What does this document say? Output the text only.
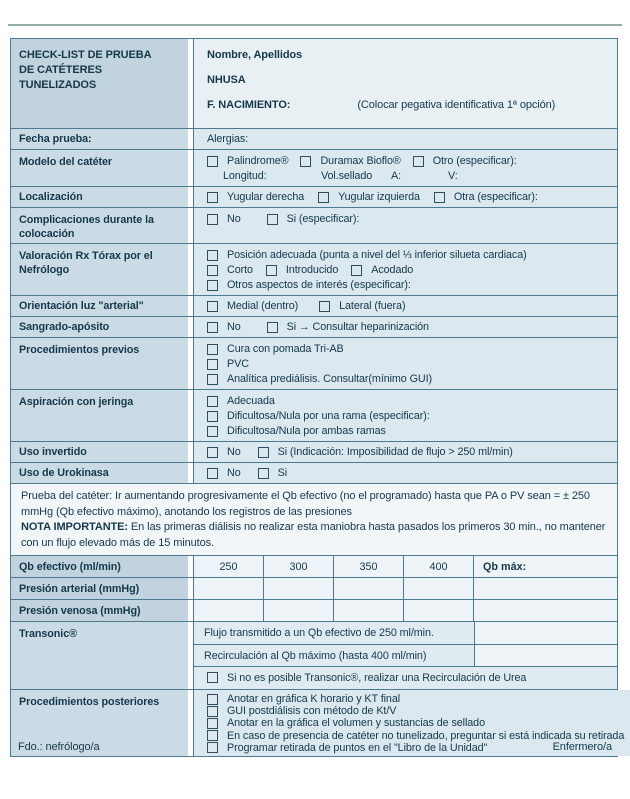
CHECK-LIST DE PRUEBA
DE CATÉTERES
TUNELIZADOS
Nombre, Apellidos
NHUSA
F. NACIMIENTO:	(Colocar pegativa identificativa 1ª opción)
Fecha prueba:	Alergias:
Modelo del catéter	Palindrome®	Duramax Bioflo®	Otro (especificar):
Longitud:	Vol.sellado A:	V:
Localización	Yugular derecha	Yugular izquierda	Otra (especificar):
Complicaciones durante la
colocación
No	Si (especificar):
Valoración Rx Tórax por el
Nefrólogo
Posición adecuada (punta a nivel del ⅓ inferior silueta cardiaca)
Corto	Introducido	Acodado
Otros aspectos de interés (especificar):
Orientación luz "arterial"	Medial (dentro)	Lateral (fuera)
Sangrado-apósito	No	Si → Consultar heparinización
Procedimientos previos	Cura con pomada Tri-AB
PVC
Analítica prediálisis. Consultar(mínimo GUI)
Aspiración con jeringa	Adecuada
Dificultosa/Nula por una rama (especificar):
Dificultosa/Nula por ambas ramas
Uso invertido	No	Si (Indicación: Imposibilidad de flujo > 250 ml/min)
Uso de Urokinasa	No	Si
Prueba del catéter: Ir aumentando progresivamente el Qb efectivo (no el programado) hasta que PA o PV sean = ± 250 mmHg (Qb efectivo máximo), anotando los registros de las presiones
NOTA IMPORTANTE: En las primeras diálisis no realizar esta maniobra hasta pasados los primeros 30 min., no mantener con un flujo elevado más de 15 minutos.
Qb efectivo (ml/min)	250	300	350	400	Qb máx:
Presión arterial (mmHg)
Presión venosa (mmHg)
Transonic®	Flujo transmitido a un Qb efectivo de 250 ml/min.
Recirculación al Qb máximo (hasta 400 ml/min)
Si no es posible Transonic®, realizar una Recirculación de Urea
Procedimientos posteriores	Anotar en gráfica K horario y KT final
GUI postdiálisis con método de Kt/V
Anotar en la gráfica el volumen y sustancias de sellado
En caso de presencia de catéter no tunelizado, preguntar si está indicada su retirada
Programar retirada de puntos en el "Libro de la Unidad"
Fdo.: nefrólogo/a	Enfermero/a
